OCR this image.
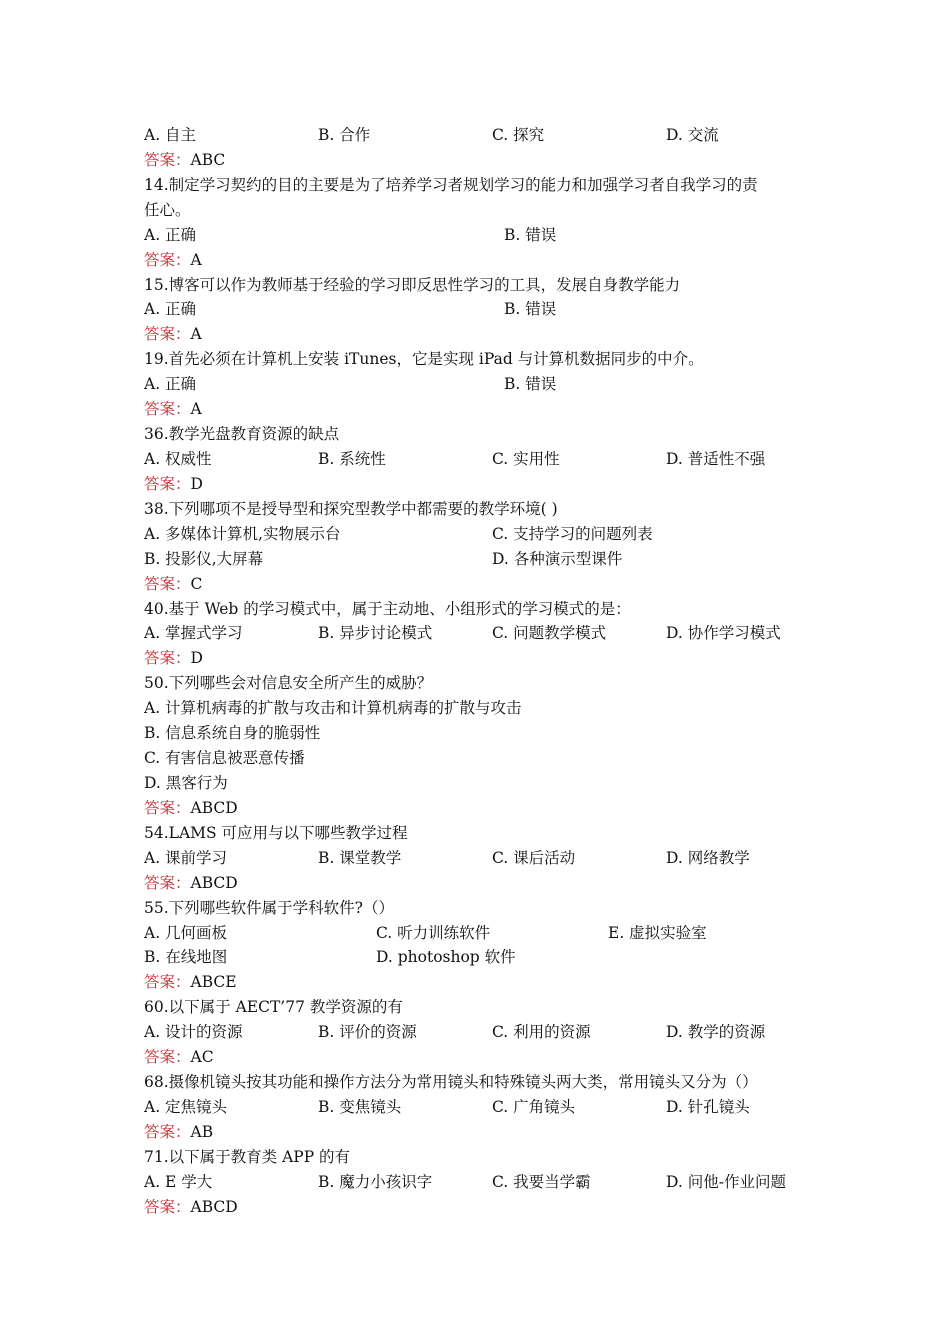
A. 自主	B. 合作	C. 探究	D. 交流
答案：ABC
14.制定学习契约的目的主要是为了培养学习者规划学习的能力和加强学习者自我学习的责
任心。
A. 正确	B. 错误
答案：A
15.博客可以作为教师基于经验的学习即反思性学习的工具，发展自身教学能力
A. 正确	B. 错误
答案：A
19.首先必须在计算机上安装 iTunes，它是实现 iPad 与计算机数据同步的中介。
A. 正确	B. 错误
答案：A
36.教学光盘教育资源的缺点
A. 权威性	B. 系统性	C. 实用性	D. 普适性不强
答案：D
38.下列哪项不是授导型和探究型教学中都需要的教学环境( )
A. 多媒体计算机,实物展示台	C. 支持学习的问题列表
B. 投影仪,大屏幕	D. 各种演示型课件
答案：C
40.基于 Web 的学习模式中，属于主动地、小组形式的学习模式的是：
A. 掌握式学习	B. 异步讨论模式	C. 问题教学模式	D. 协作学习模式
答案：D
50.下列哪些会对信息安全所产生的威胁？
A. 计算机病毒的扩散与攻击和计算机病毒的扩散与攻击
B. 信息系统自身的脆弱性
C. 有害信息被恶意传播
D. 黑客行为
答案：ABCD
54.LAMS 可应用与以下哪些教学过程
A. 课前学习	B. 课堂教学	C. 课后活动	D. 网络教学
答案：ABCD
55.下列哪些软件属于学科软件?（）
A. 几何画板	C. 听力训练软件	E. 虚拟实验室
B. 在线地图	D. photoshop 软件
答案：ABCE
60.以下属于 AECT’77 教学资源的有
A. 设计的资源	B. 评价的资源	C. 利用的资源	D. 教学的资源
答案：AC
68.摄像机镜头按其功能和操作方法分为常用镜头和特殊镜头两大类，常用镜头又分为（）
A. 定焦镜头	B. 变焦镜头	C. 广角镜头	D. 针孔镜头
答案：AB
71.以下属于教育类 APP 的有
A. E 学大	B. 魔力小孩识字	C. 我要当学霸	D. 问他-作业问题
答案：ABCD
